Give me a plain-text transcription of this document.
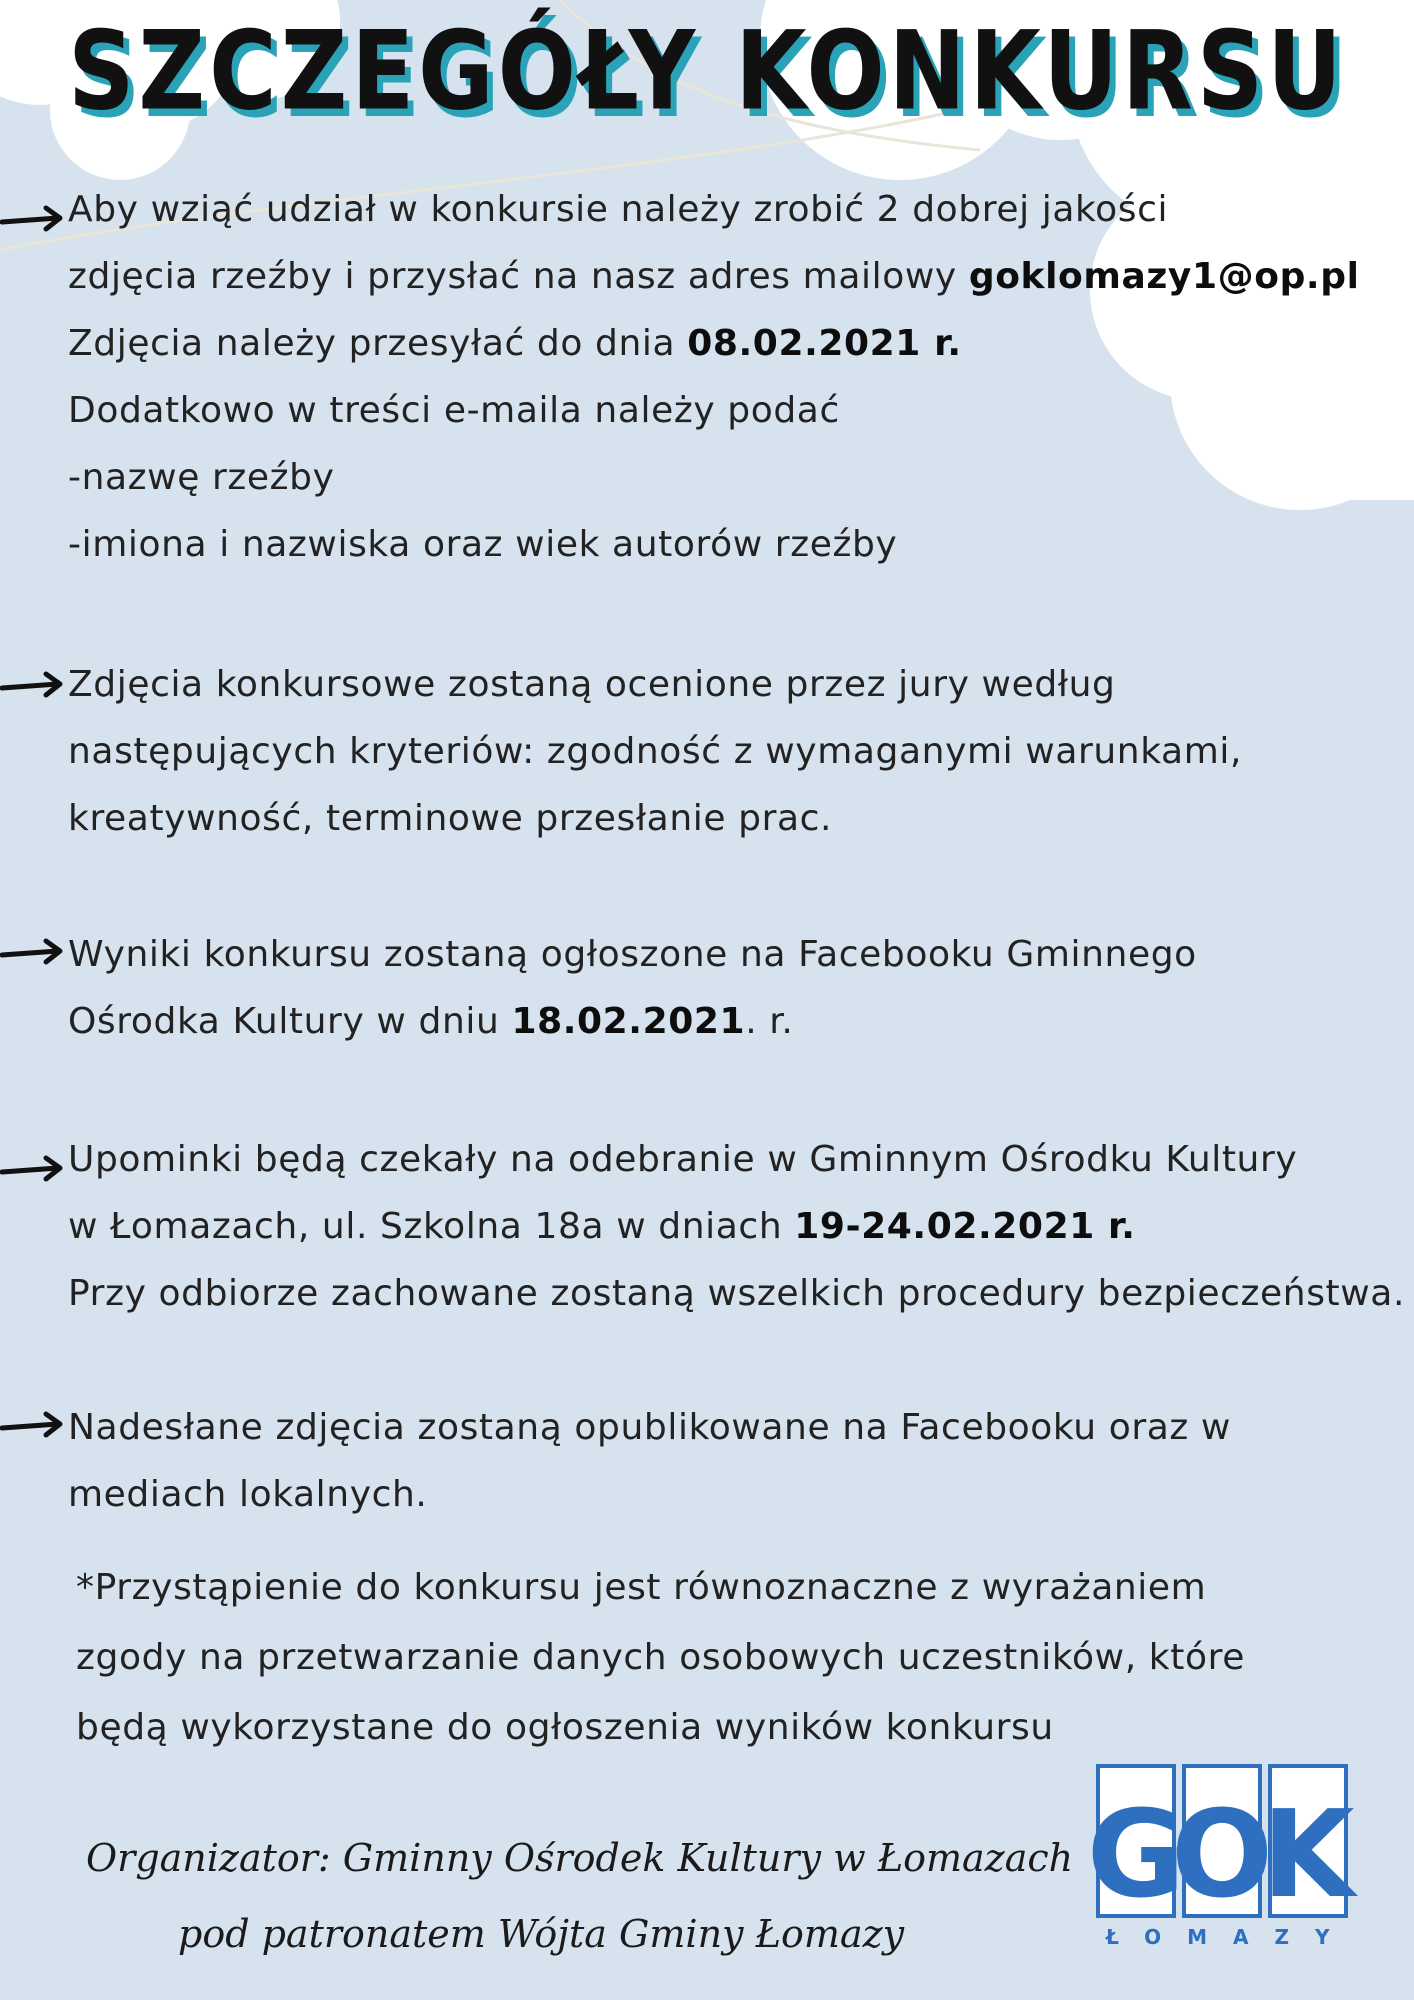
SZCZEGÓŁY KONKURSU
Aby wziąć udział w konkursie należy zrobić 2 dobrej jakości
zdjęcia rzeźby i przysłać na nasz adres mailowy goklomazy1@op.pl
Zdjęcia należy przesyłać do dnia 08.02.2021 r.
Dodatkowo w treści e-maila należy podać
-nazwę rzeźby
-imiona i nazwiska oraz wiek autorów rzeźby
Zdjęcia konkursowe zostaną ocenione przez jury według
następujących kryteriów: zgodność z wymaganymi warunkami,
kreatywność, terminowe przesłanie prac.
Wyniki konkursu zostaną ogłoszone na Facebooku Gminnego
Ośrodka Kultury w dniu 18.02.2021. r.
Upominki będą czekały na odebranie w Gminnym Ośrodku Kultury
w Łomazach, ul. Szkolna 18a w dniach 19-24.02.2021 r.
Przy odbiorze zachowane zostaną wszelkich procedury bezpieczeństwa.
Nadesłane zdjęcia zostaną opublikowane na Facebooku oraz w
mediach lokalnych.
*Przystąpienie do konkursu jest równoznaczne z wyrażaniem
zgody na przetwarzanie danych osobowych uczestników, które
będą wykorzystane do ogłoszenia wyników konkursu
Organizator: Gminny Ośrodek Kultury w Łomazach
pod patronatem Wójta Gminy Łomazy
G
O
K
ŁOMAZY
